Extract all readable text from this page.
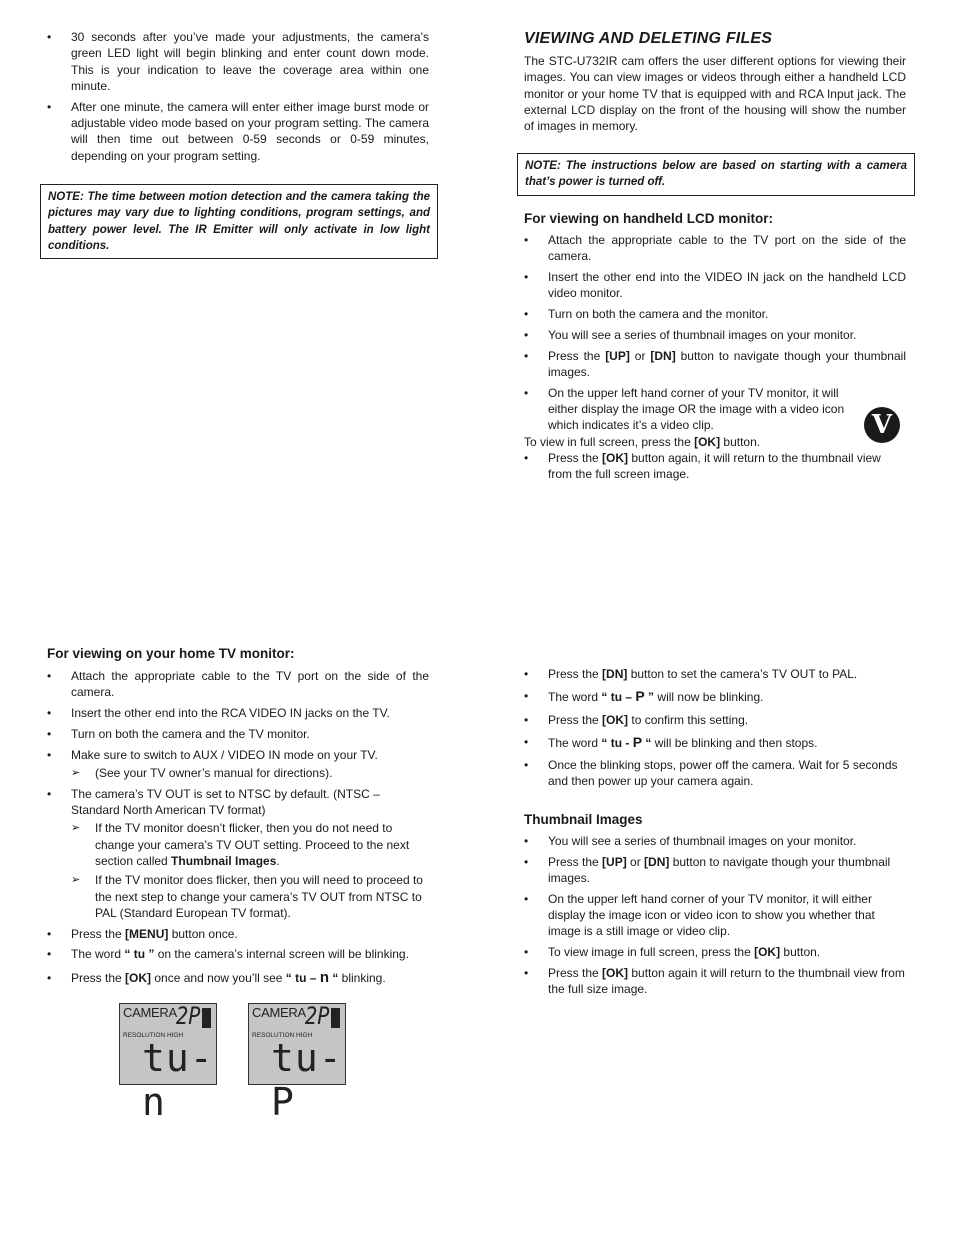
• 30 seconds after you’ve made your adjustments, the camera’s green LED light will begin blinking and enter count down mode. This is your indication to leave the coverage area within one minute.
• After one minute, the camera will enter either image burst mode or adjustable video mode based on your program setting. The camera will then time out between 0-59 seconds or 0-59 minutes, depending on your program setting.
NOTE: The time between motion detection and the camera taking the pictures may vary due to lighting conditions, program settings, and battery power level. The IR Emitter will only activate in low light conditions.
VIEWING AND DELETING FILES

The STC-U732IR cam offers the user different options for viewing their images. You can view images or videos through either a handheld LCD monitor or your home TV that is equipped with and RCA Input jack. The external LCD display on the front of the housing will show the number of images in memory.

NOTE: The instructions below are based on starting with a camera that’s power is turned off.
For viewing on handheld LCD monitor:
• Attach the appropriate cable to the TV port on the side of the camera.
• Insert the other end into the VIDEO IN jack on the handheld LCD video monitor.
• Turn on both the camera and the monitor.
• You will see a series of thumbnail images on your monitor.
• Press the [UP] or [DN] button to navigate though your thumbnail images.
• On the upper left hand corner of your TV monitor, it will either display the image OR the image with a video icon which indicates it’s a video clip.

To view in full screen, press the [OK] button.

• Press the [OK] button again, it will return to the thumbnail view from the full screen image.
V
For viewing on your home TV monitor:
• Attach the appropriate cable to the TV port on the side of the camera.
• Insert the other end into the RCA VIDEO IN jacks on the TV.
• Turn on both the camera and the TV monitor.
• Make sure to switch to AUX / VIDEO IN mode on your TV.
➢ (See your TV owner’s manual for directions).
• The camera’s TV OUT is set to NTSC by default. (NTSC – Standard North American TV format)
➢ If the TV monitor doesn’t flicker, then you do not need to change your camera’s TV OUT setting. Proceed to the next section called Thumbnail Images.
➢ If the TV monitor does flicker, then you will need to proceed to the next step to change your camera’s TV OUT from NTSC to PAL (Standard European TV format).
• Press the [MENU] button once.
• The word “ tu ” on the camera’s internal screen will be blinking.
• Press the [OK] once and now you’ll see “ tu – n “ blinking.
CAMERA 2P
RESOLUTION HIGH
tu-n
CAMERA 2P
RESOLUTION HIGH
tu-P
• Press the [DN] button to set the camera’s TV OUT to PAL.
• The word “ tu – P ” will now be blinking.
• Press the [OK] to confirm this setting.
• The word “ tu - P “ will be blinking and then stops.
• Once the blinking stops, power off the camera. Wait for 5 seconds and then power up your camera again.
Thumbnail Images
• You will see a series of thumbnail images on your monitor.
• Press the [UP] or [DN] button to navigate though your thumbnail images.
• On the upper left hand corner of your TV monitor, it will either display the image icon or video icon to show you whether that image is a still image or video clip.
• To view image in full screen, press the [OK] button.
• Press the [OK] button again it will return to the thumbnail view from the full size image.
